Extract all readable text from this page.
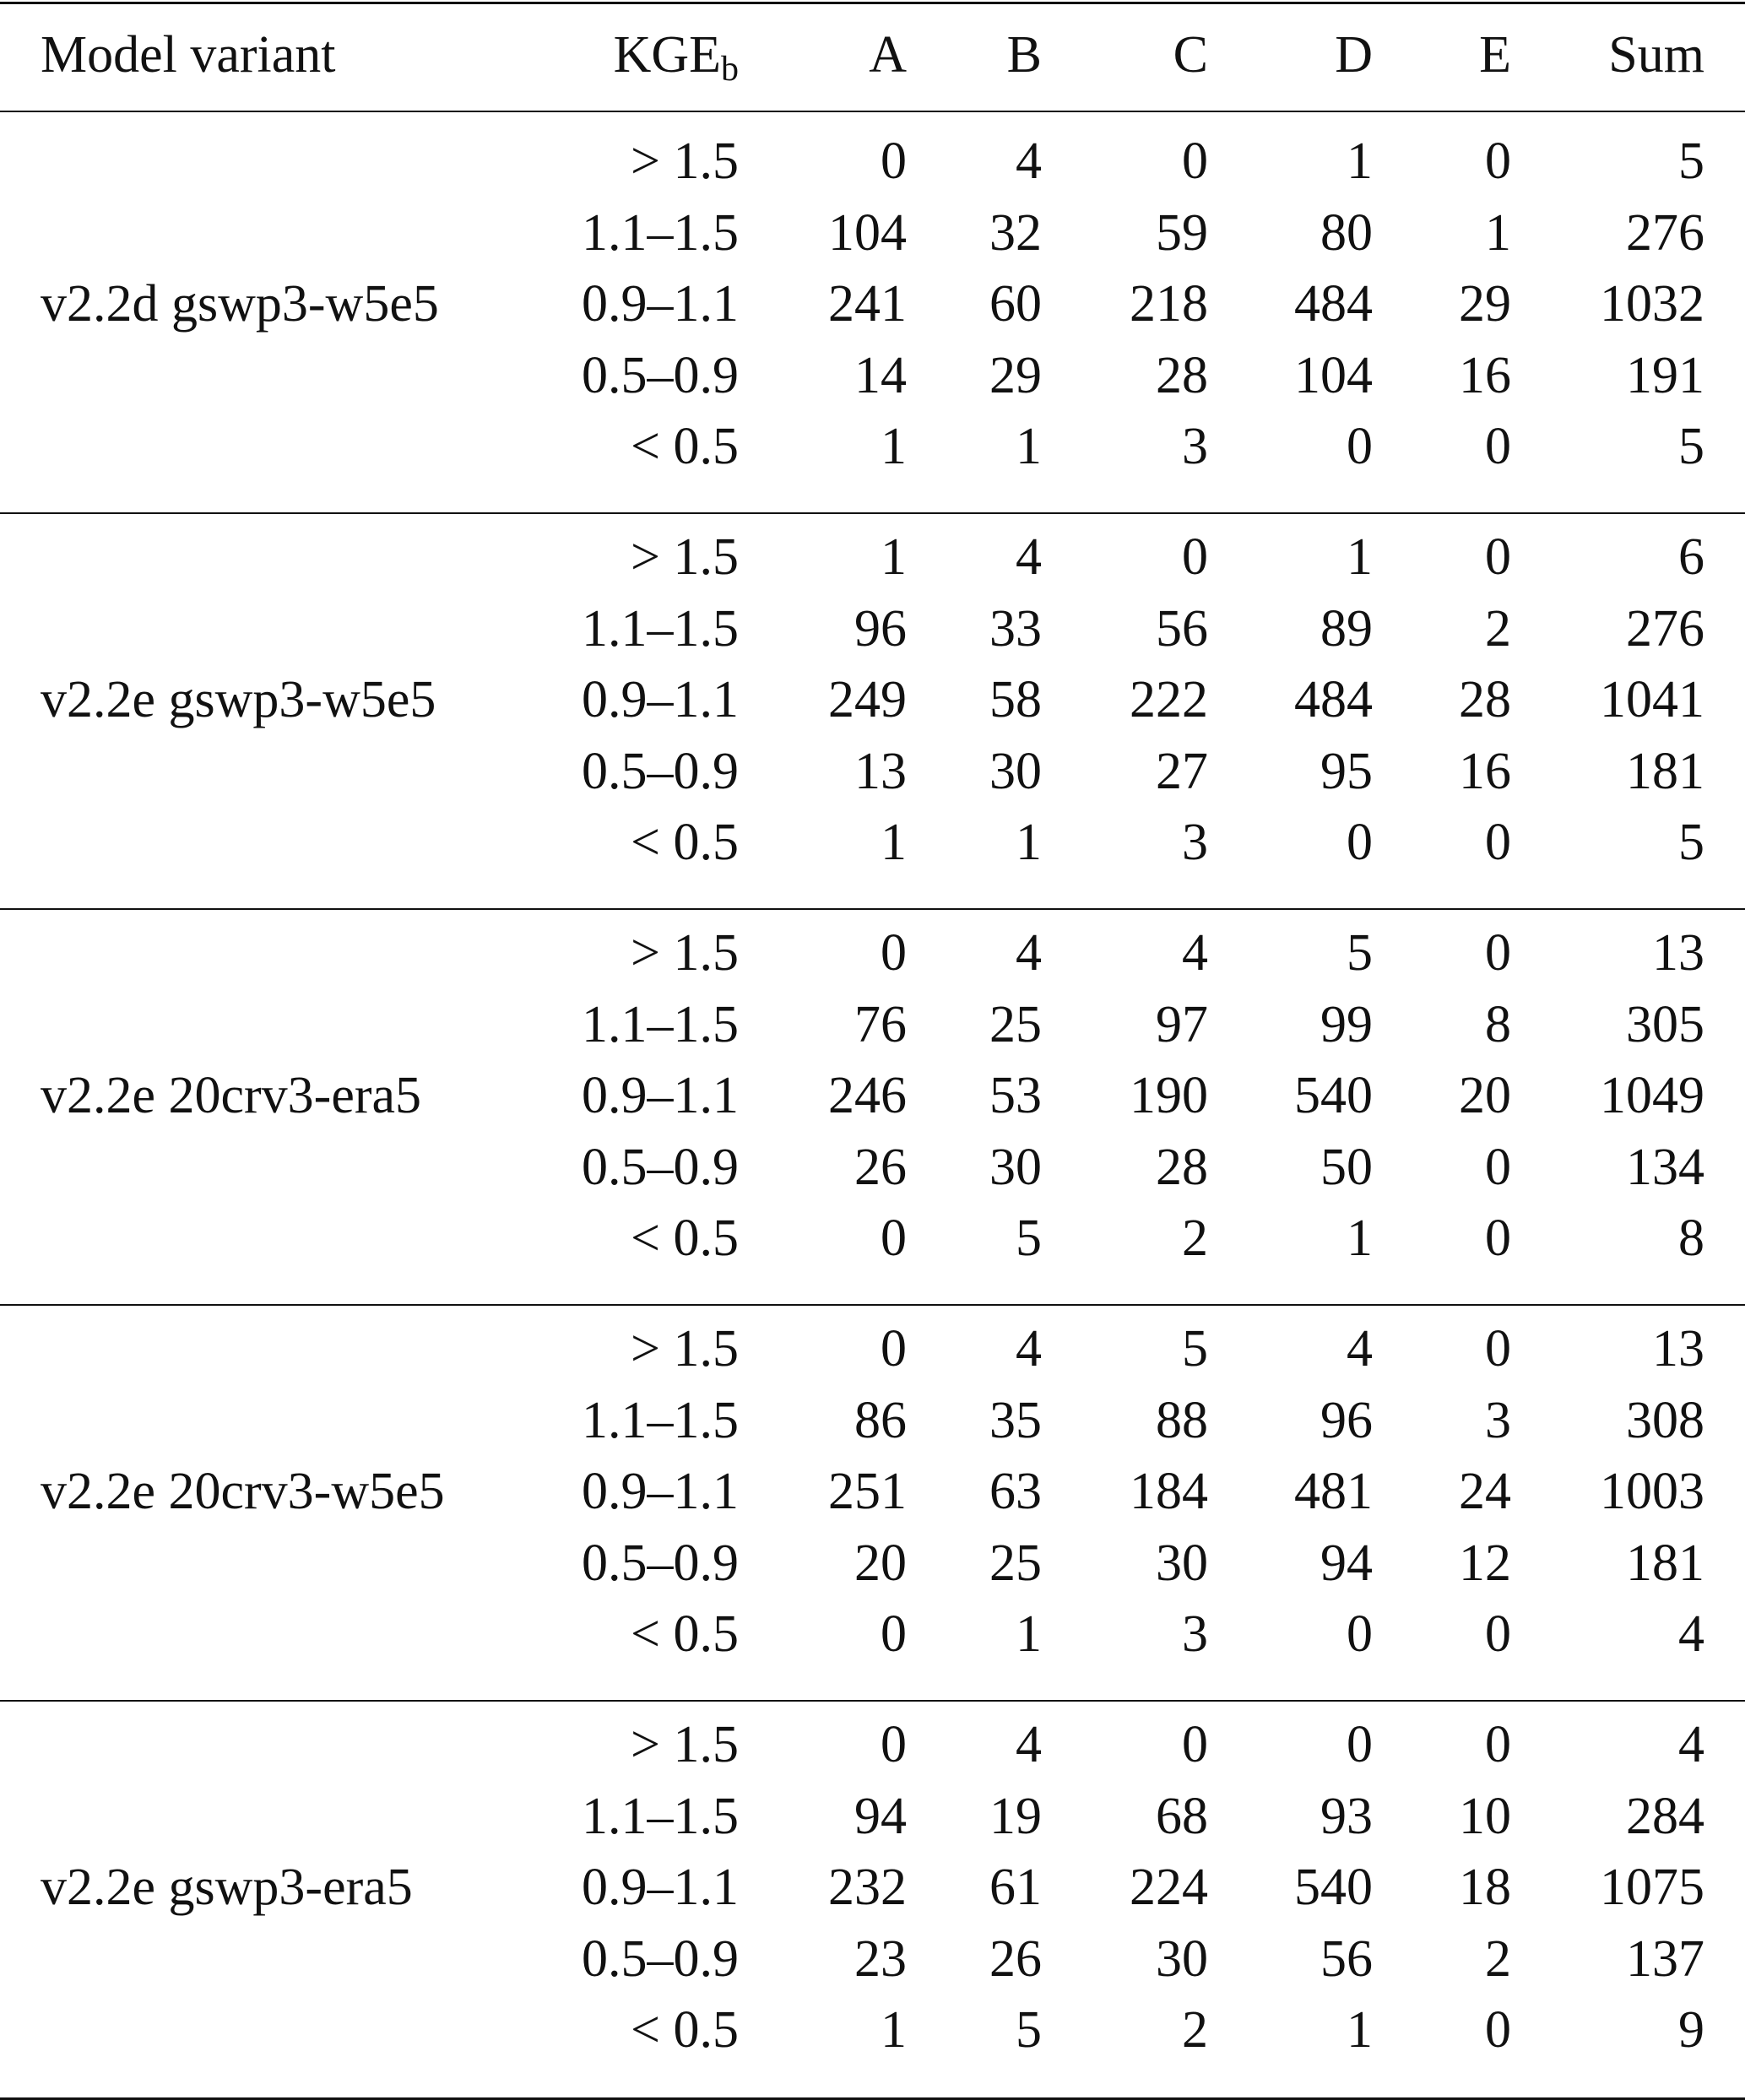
Model variant	$KGE_b$ A B	C D E Sum
v2.2d gswp3-w5e5
> 1.5	0 4	0	1 0	5
1.1–1.5 104 32 59 80 1 276
0.9–1.1 241 60 218 484 29 1032
0.5–0.9 14 29 28 104 16 191
< 0.5	1 1	3	0 0	5
v2.2e gswp3-w5e5
> 1.5	1 4	0	1 0	6
1.1–1.5 96 33 56 89 2 276
0.9–1.1 249 58 222 484 28 1041
0.5–0.9 13 30 27 95 16 181
< 0.5	1 1	3	0 0	5
v2.2e 20crv3-era5
> 1.5	0 4	4	5 0	13
1.1–1.5 76 25 97 99 8 305
0.9–1.1 246 53 190 540 20 1049
0.5–0.9 26 30 28 50 0 134
< 0.5	0 5	2	1 0	8
v2.2e 20crv3-w5e5
> 1.5	0 4	5	4 0	13
1.1–1.5 86 35 88 96 3 308
0.9–1.1 251 63 184 481 24 1003
0.5–0.9 20 25 30 94 12 181
< 0.5	0 1	3	0 0	4
v2.2e gswp3-era5
> 1.5	0 4	0	0 0	4
1.1–1.5 94 19 68 93 10 284
0.9–1.1 232 61 224 540 18 1075
0.5–0.9 23 26 30 56 2 137
< 0.5	1 5	2	1 0	9
